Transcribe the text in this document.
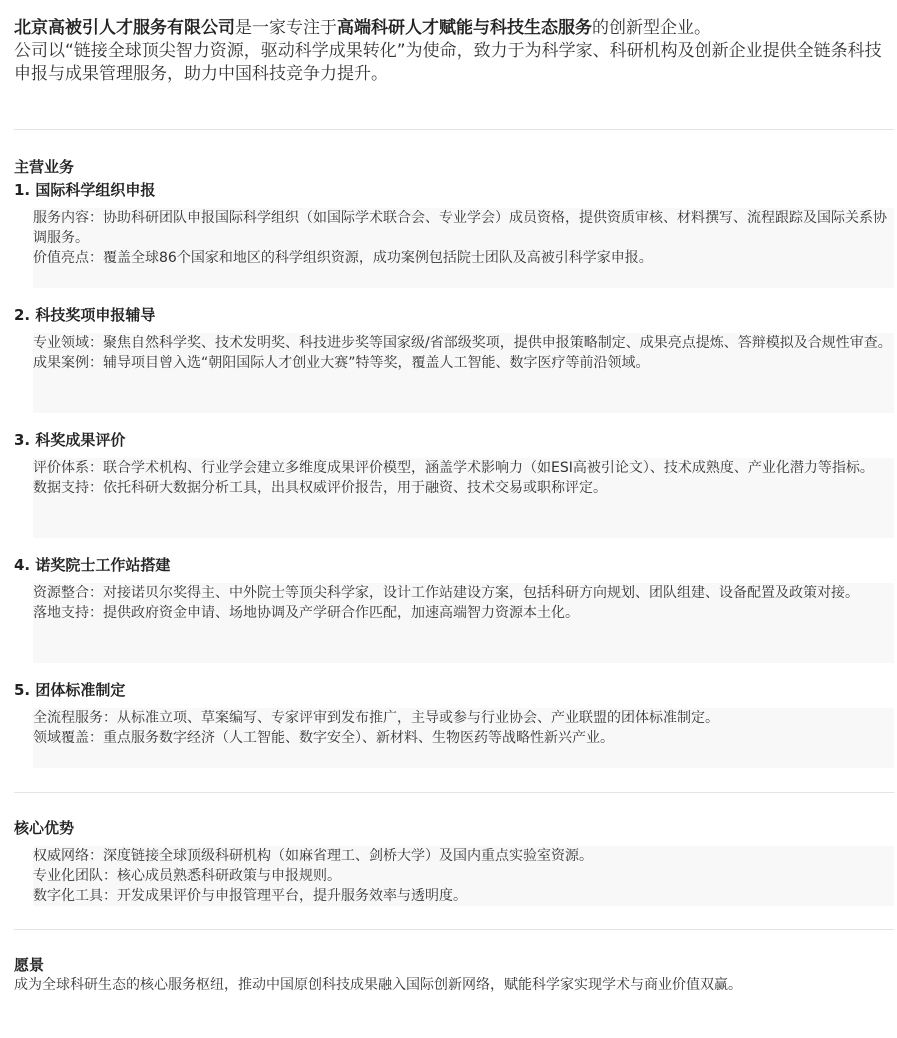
北京高被引人才服务有限公司是一家专注于高端科研人才赋能与科技生态服务的创新型企业。
公司以“链接全球顶尖智力资源，驱动科学成果转化”为使命，致力于为科学家、科研机构及创新企业提供全链条科技申报与成果管理服务，助力中国科技竞争力提升。
主营业务
1. 国际科学组织申报
服务内容：协助科研团队申报国际科学组织（如国际学术联合会、专业学会）成员资格，提供资质审核、材料撰写、流程跟踪及国际关系协调服务。
价值亮点：覆盖全球86个国家和地区的科学组织资源，成功案例包括院士团队及高被引科学家申报。
2. 科技奖项申报辅导
专业领域：聚焦自然科学奖、技术发明奖、科技进步奖等国家级/省部级奖项，提供申报策略制定、成果亮点提炼、答辩模拟及合规性审查。
成果案例：辅导项目曾入选“朝阳国际人才创业大赛”特等奖，覆盖人工智能、数字医疗等前沿领域。
3. 科奖成果评价
评价体系：联合学术机构、行业学会建立多维度成果评价模型，涵盖学术影响力（如ESI高被引论文）、技术成熟度、产业化潜力等指标。
数据支持：依托科研大数据分析工具，出具权威评价报告，用于融资、技术交易或职称评定。
4. 诺奖院士工作站搭建
资源整合：对接诺贝尔奖得主、中外院士等顶尖科学家，设计工作站建设方案，包括科研方向规划、团队组建、设备配置及政策对接。
落地支持：提供政府资金申请、场地协调及产学研合作匹配，加速高端智力资源本土化。
5. 团体标准制定
全流程服务：从标准立项、草案编写、专家评审到发布推广，主导或参与行业协会、产业联盟的团体标准制定。
领域覆盖：重点服务数字经济（人工智能、数字安全）、新材料、生物医药等战略性新兴产业。
核心优势
权威网络：深度链接全球顶级科研机构（如麻省理工、剑桥大学）及国内重点实验室资源。
专业化团队：核心成员熟悉科研政策与申报规则。
数字化工具：开发成果评价与申报管理平台，提升服务效率与透明度。
愿景
成为全球科研生态的核心服务枢纽，推动中国原创科技成果融入国际创新网络，赋能科学家实现学术与商业价值双赢。
